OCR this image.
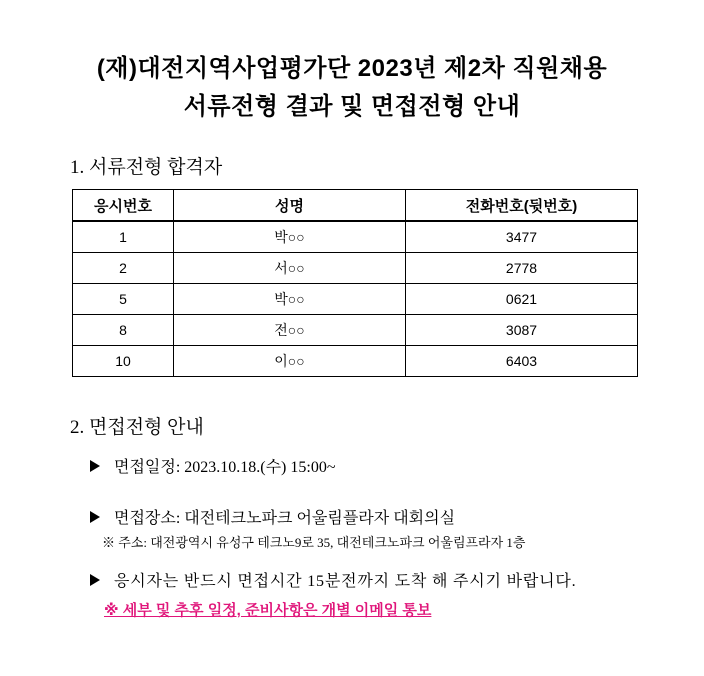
(재)대전지역사업평가단 2023년 제2차 직원채용
서류전형 결과 및 면접전형 안내
1. 서류전형 합격자
응시번호	성명	전화번호(뒷번호)
1	박○○	3477
2	서○○	2778
5	박○○	0621
8	전○○	3087
10	이○○	6403
2. 면접전형 안내
면접일정: 2023.10.18.(수) 15:00~
면접장소: 대전테크노파크 어울림플라자 대회의실
※ 주소: 대전광역시 유성구 테크노9로 35, 대전테크노파크 어울림프라자 1층
응시자는 반드시 면접시간 15분전까지 도착 해 주시기 바랍니다.
※ 세부 및 추후 일정, 준비사항은 개별 이메일 통보
